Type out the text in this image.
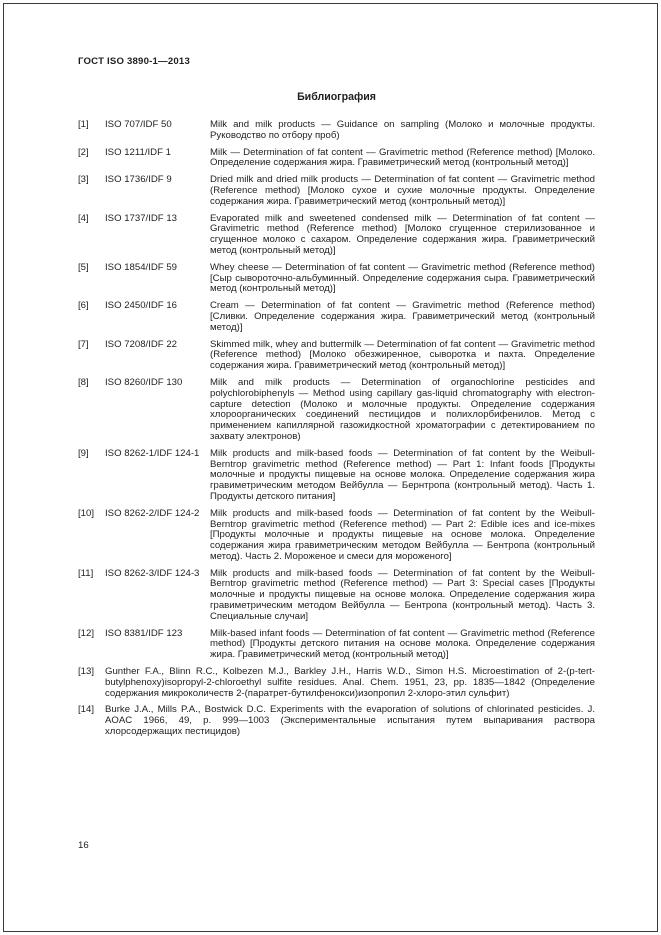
ГОСТ ISO 3890-1—2013
Библиография
[1]	ISO 707/IDF 50	Milk and milk products — Guidance on sampling (Молоко и молочные продукты. Руководство по отбору проб)
[2]	ISO 1211/IDF 1	Milk — Determination of fat content — Gravimetric method (Reference method) [Молоко. Определение содержания жира. Гравиметрический метод (контрольный метод)]
[3]	ISO 1736/IDF 9	Dried milk and dried milk products — Determination of fat content — Gravimetric method (Reference method) [Молоко сухое и сухие молочные продукты. Определение содержания жира. Гравиметрический метод (контрольный метод)]
[4]	ISO 1737/IDF 13	Evaporated milk and sweetened condensed milk — Determination of fat content — Gravimetric method (Reference method) [Молоко сгущенное стерилизованное и сгущенное молоко с сахаром. Определение содержания жира. Гравиметрический метод (контрольный метод)]
[5]	ISO 1854/IDF 59	Whey cheese — Determination of fat content — Gravimetric method (Reference method) [Сыр сывороточно-альбуминный. Определение содержания сыра. Гравиметрический метод (контрольный метод)]
[6]	ISO 2450/IDF 16	Cream — Determination of fat content — Gravimetric method (Reference method) [Сливки. Определение содержания жира. Гравиметрический метод (контрольный метод)]
[7]	ISO 7208/IDF 22	Skimmed milk, whey and buttermilk — Determination of fat content — Gravimetric method (Reference method) [Молоко обезжиренное, сыворотка и пахта. Определение содержания жира. Гравиметрический метод (контрольный метод)]
[8]	ISO 8260/IDF 130	Milk and milk products — Determination of organochlorine pesticides and polychlorobiphenyls — Method using capillary gas-liquid chromatography with electron-capture detection (Молоко и молочные продукты. Определение содержания хлороорганических соединений пестицидов и полихлорбифенилов. Метод с применением капиллярной газожидкостной хроматографии с детектированием по захвату электронов)
[9]	ISO 8262-1/IDF 124-1	Milk products and milk-based foods — Determination of fat content by the Weibull-Berntrop gravimetric method (Reference method) — Part 1: Infant foods [Продукты молочные и продукты пищевые на основе молока. Определение содержания жира гравиметрическим методом Вейбулла — Бернтропа (контрольный метод). Часть 1. Продукты детского питания]
[10]	ISO 8262-2/IDF 124-2	Milk products and milk-based foods — Determination of fat content by the Weibull-Berntrop gravimetric method (Reference method) — Part 2: Edible ices and ice-mixes [Продукты молочные и продукты пищевые на основе молока. Определение содержания жира гравиметрическим методом Вейбулла — Бентропа (контрольный метод). Часть 2. Мороженое и смеси для мороженого]
[11]	ISO 8262-3/IDF 124-3	Milk products and milk-based foods — Determination of fat content by the Weibull-Berntrop gravimetric method (Reference method) — Part 3: Special cases [Продукты молочные и продукты пищевые на основе молока. Определение содержания жира гравиметрическим методом Вейбулла — Бентропа (контрольный метод). Часть 3. Специальные случаи]
[12]	ISO 8381/IDF 123	Milk-based infant foods — Determination of fat content — Gravimetric method (Reference method) [Продукты детского питания на основе молока. Определение содержания жира. Гравиметрический метод (контрольный метод)]
[13]	Gunther F.A., Blinn R.C., Kolbezen M.J., Barkley J.H., Harris W.D., Simon H.S. Microestimation of 2-(p-tert-butylphenoxy)isopropyl-2-chloroethyl sulfite residues. Anal. Chem. 1951, 23, pp. 1835—1842 (Определение содержания микроколичеств 2-(паратрет-бутилфенокси)изопропил 2-хлоро-этил сульфит)
[14]	Burke J.A., Mills P.A., Bostwick D.C. Experiments with the evaporation of solutions of chlorinated pesticides. J. AOAC 1966, 49, p. 999—1003 (Экспериментальные испытания путем выпаривания раствора хлорсодержащих пестицидов)
16
